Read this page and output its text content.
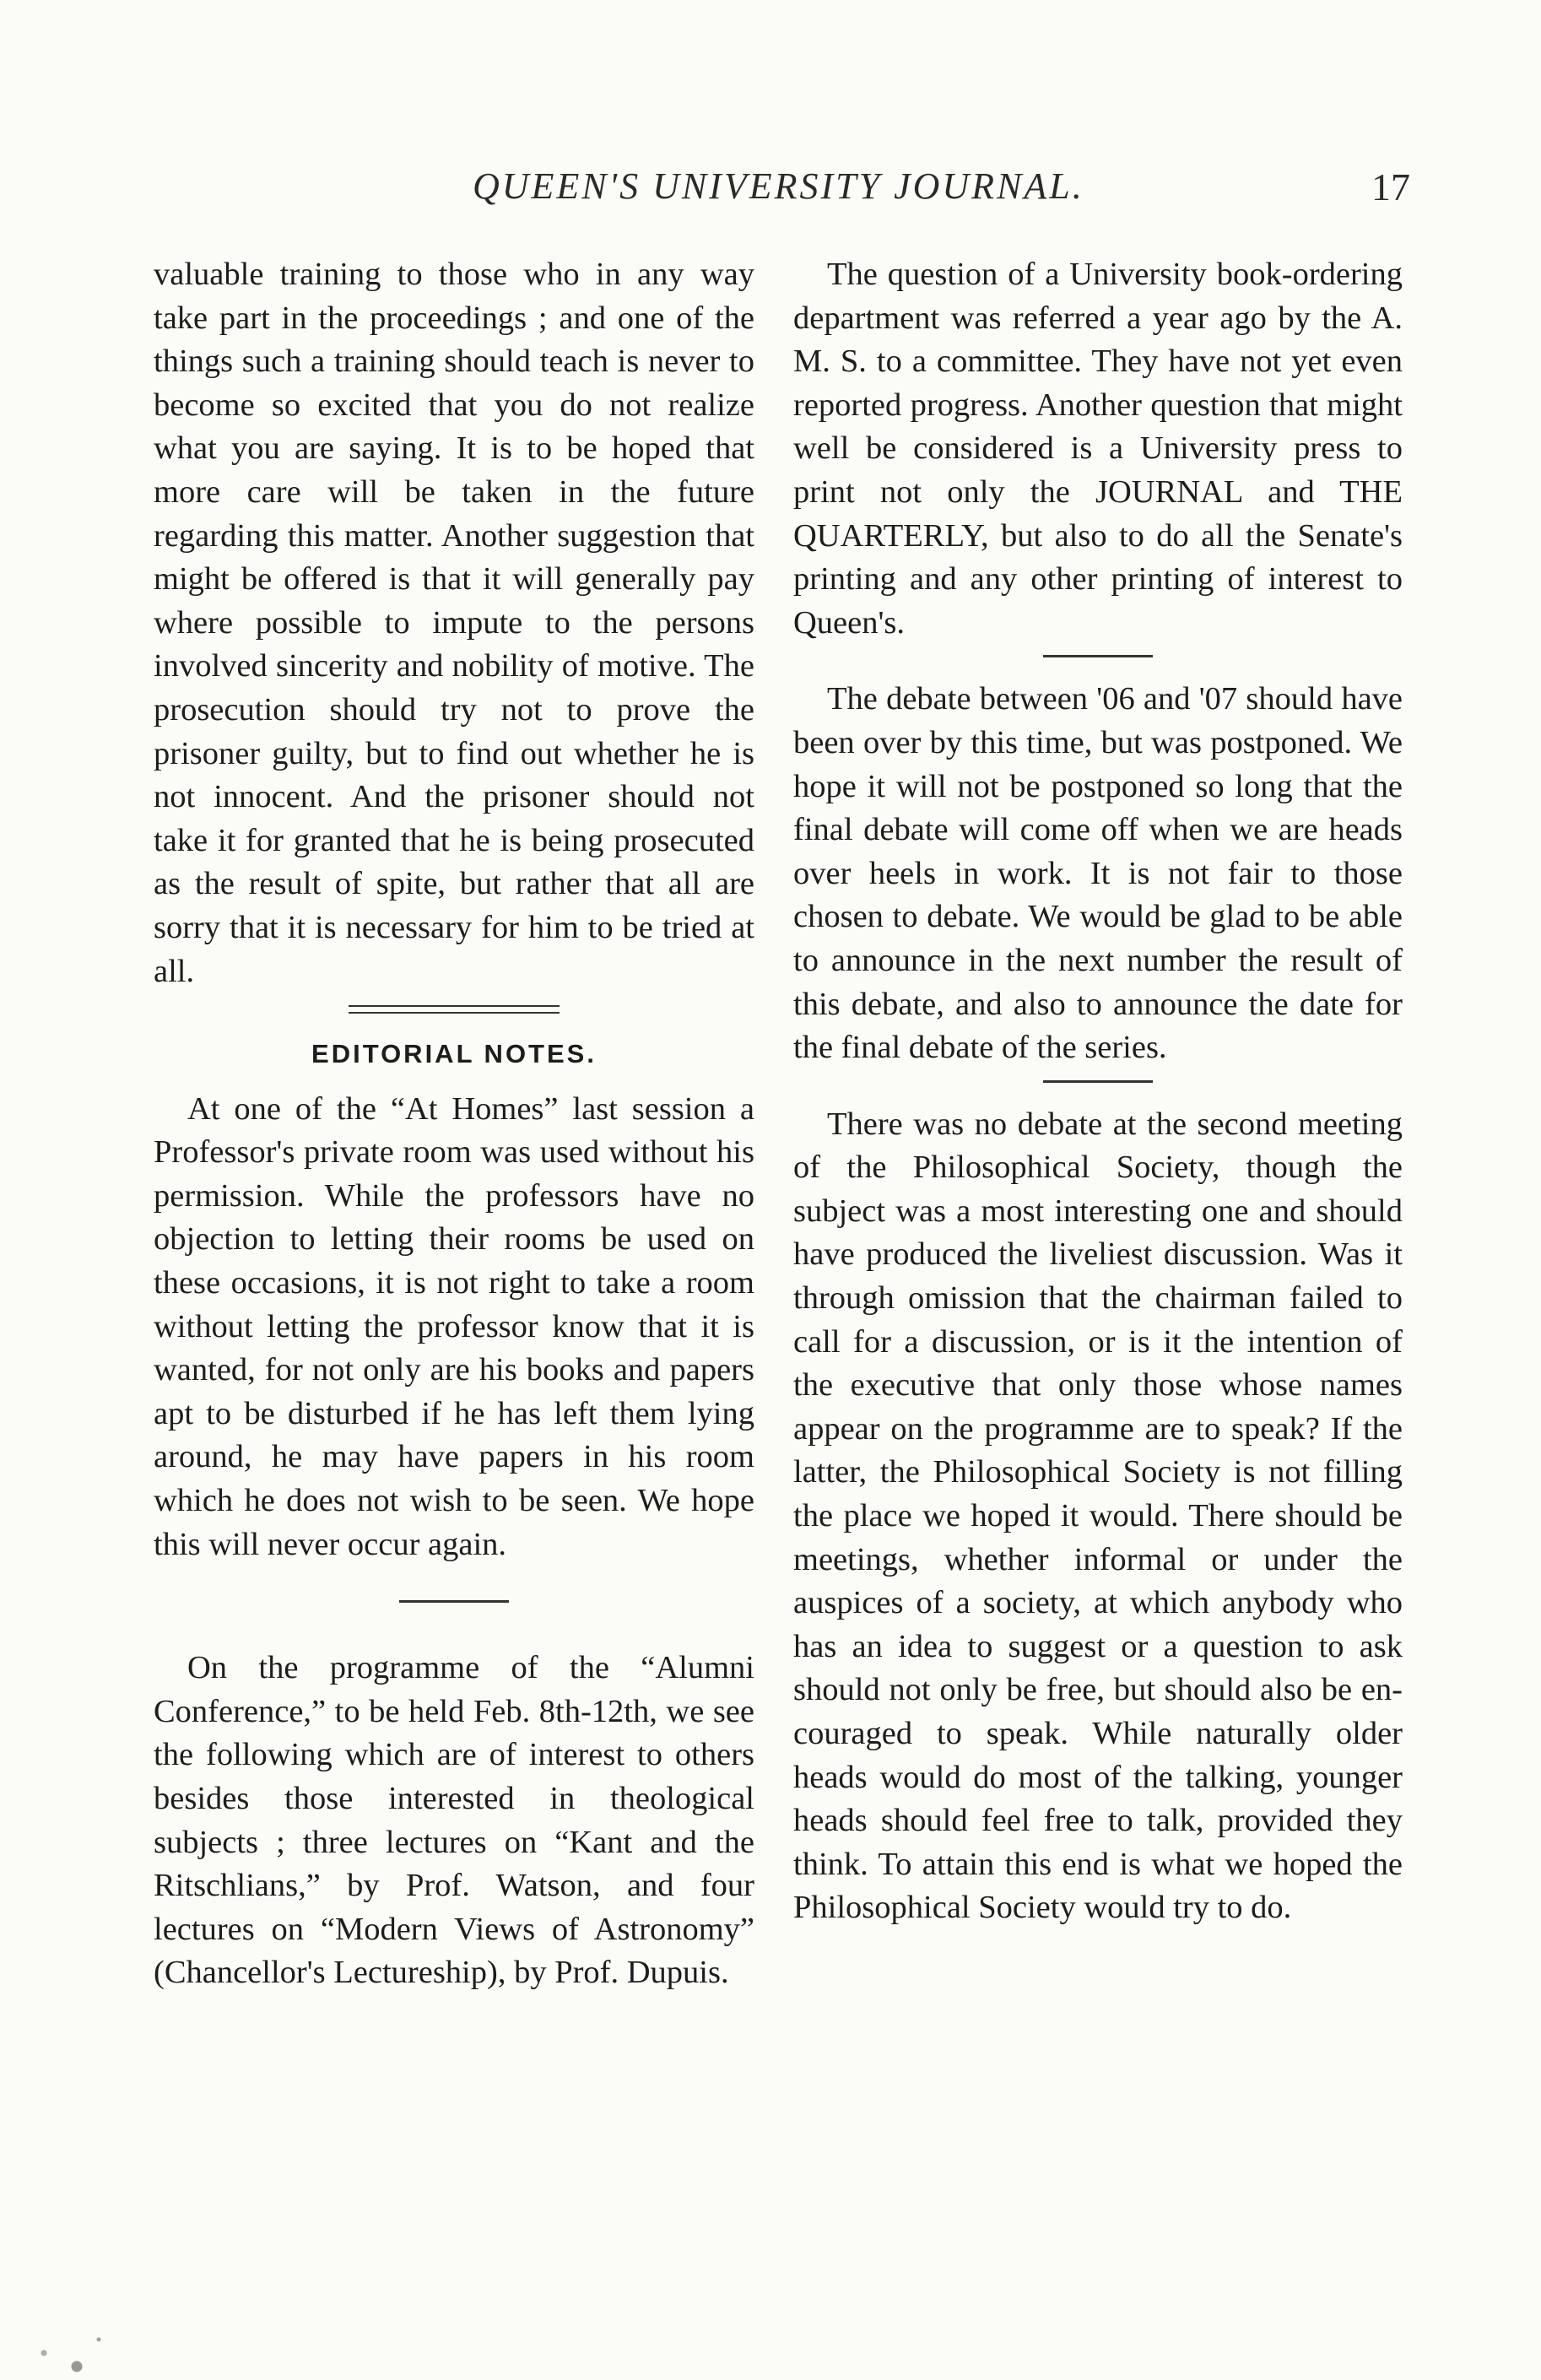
QUEEN'S UNIVERSITY JOURNAL.	17

valuable training to those who in any way take part in the proceedings ; and one of the things such a training should teach is never to become so excited that you do not realize what you are saying. It is to be hoped that more care will be taken in the future regarding this matter. Another suggestion that might be offered is that it will generally pay where possible to impute to the persons involved sincerity and nobility of motive. The prosecution should try not to prove the prisoner guilty, but to find out whether he is not innocent. And the prisoner should not take it for granted that he is being prosecuted as the result of spite, but rather that all are sorry that it is necessary for him to be tried at all.

EDITORIAL NOTES.

At one of the “At Homes” last session a Professor's private room was used without his permission. While the professors have no objection to letting their rooms be used on these occasions, it is not right to take a room without letting the professor know that it is wanted, for not only are his books and papers apt to be disturbed if he has left them lying around, he may have papers in his room which he does not wish to be seen. We hope this will never occur again.

On the programme of the “Alumni Conference,” to be held Feb. 8th-12th, we see the following which are of interest to others besides those interested in theological subjects ; three lectures on “Kant and the Ritschlians,” by Prof. Watson, and four lectures on “Modern Views of Astronomy” (Chancellor's Lectureship), by Prof. Dupuis.

The question of a University book-ordering department was referred a year ago by the A. M. S. to a committee. They have not yet even reported progress. Another question that might well be considered is a University press to print not only the JOURNAL and THE QUARTERLY, but also to do all the Senate's printing and any other printing of interest to Queen's.

The debate between '06 and '07 should have been over by this time, but was postponed. We hope it will not be postponed so long that the final debate will come off when we are heads over heels in work. It is not fair to those chosen to debate. We would be glad to be able to announce in the next number the result of this debate, and also to announce the date for the final debate of the series.

There was no debate at the second meeting of the Philosophical Society, though the subject was a most interesting one and should have produced the liveliest discussion. Was it through omission that the chairman failed to call for a discussion, or is it the intention of the executive that only those whose names appear on the programme are to speak? If the latter, the Philosophical Society is not filling the place we hoped it would. There should be meetings, whether informal or under the auspices of a society, at which anybody who has an idea to suggest or a question to ask should not only be free, but should also be encouraged to speak. While naturally older heads would do most of the talking, younger heads should feel free to talk, provided they think. To attain this end is what we hoped the Philosophical Society would try to do.
